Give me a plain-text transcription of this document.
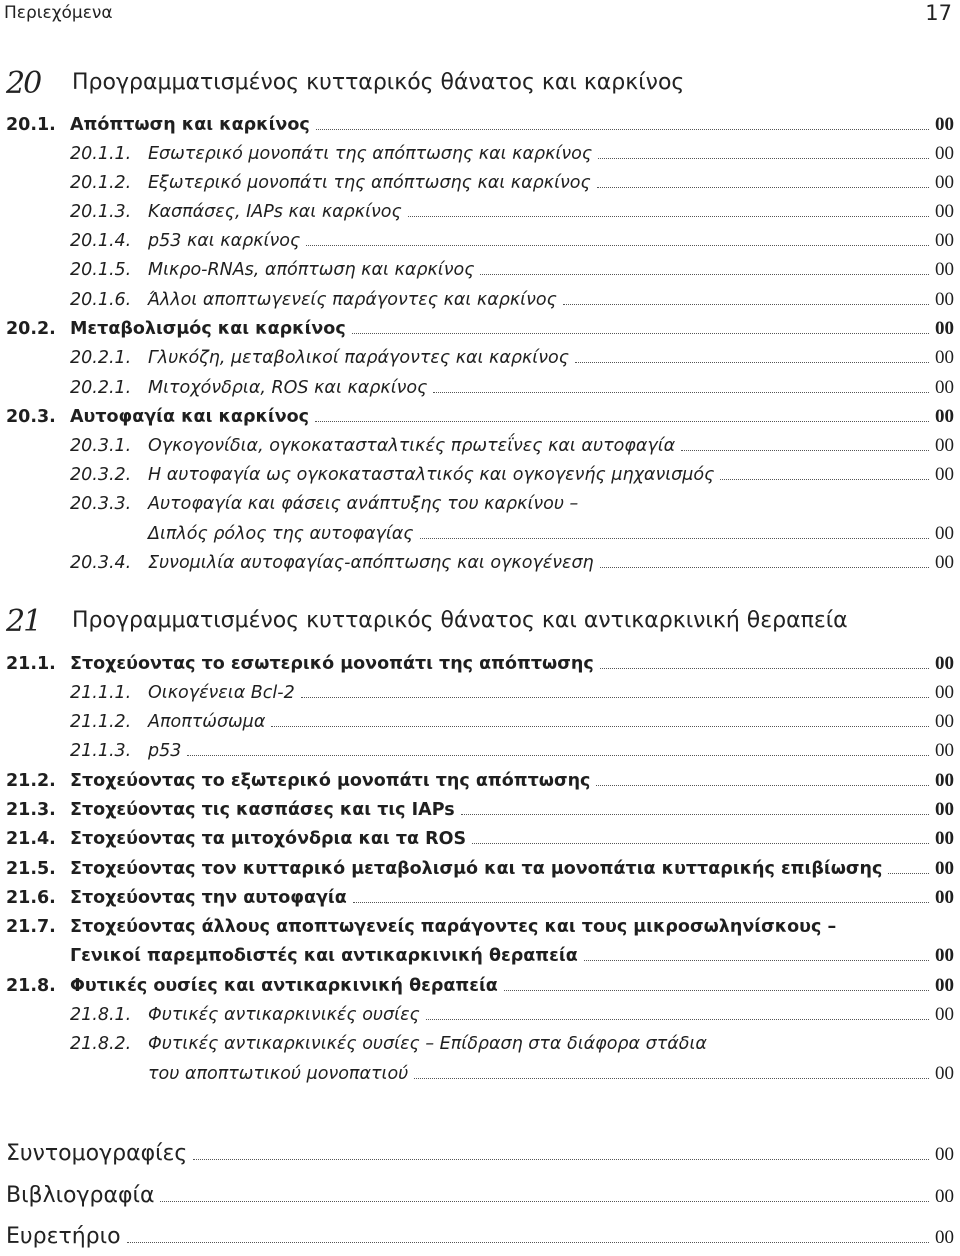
Περιεχόμενα	17
20 Προγραμματισμένος κυτταρικός θάνατος και καρκίνος
21 Προγραμματισμένος κυτταρικός θάνατος και αντικαρκινική θεραπεία
20.1. Απόπτωση και καρκίνος	00
20.1.1. Εσωτερικό μονοπάτι της απόπτωσης και καρκίνος	00
20.1.2. Εξωτερικό μονοπάτι της απόπτωσης και καρκίνος	00
20.1.3. Κασπάσες, IAPs και καρκίνος	00
20.1.4. p53 και καρκίνος	00
20.1.5. Μικρο-RNAs, απόπτωση και καρκίνος	00
20.1.6. Άλλοι αποπτωγενείς παράγοντες και καρκίνος	00
20.2. Μεταβολισμός και καρκίνος	00
20.2.1. Γλυκόζη, μεταβολικοί παράγοντες και καρκίνος	00
20.2.1. Μιτοχόνδρια, ROS και καρκίνος	00
20.3. Αυτοφαγία και καρκίνος	00
20.3.1. Ογκογονίδια, ογκοκατασταλτικές πρωτεΐνες και αυτοφαγία	00
20.3.2. Η αυτοφαγία ως ογκοκατασταλτικός και ογκογενής μηχανισμός	00
20.3.3. Αυτοφαγία και φάσεις ανάπτυξης του καρκίνου –
Διπλός ρόλος της αυτοφαγίας	00
20.3.4. Συνομιλία αυτοφαγίας-απόπτωσης και ογκογένεση	00
21.1. Στοχεύοντας το εσωτερικό μονοπάτι της απόπτωσης	00
21.1.1. Οικογένεια Bcl-2	00
21.1.2. Αποπτώσωμα	00
21.1.3. p53	00
21.2. Στοχεύοντας το εξωτερικό μονοπάτι της απόπτωσης	00
21.3. Στοχεύοντας τις κασπάσες και τις IAPs	00
21.4. Στοχεύοντας τα μιτοχόνδρια και τα ROS	00
21.5. Στοχεύοντας τον κυτταρικό μεταβολισμό και τα μονοπάτια κυτταρικής επιβίωσης	00
21.6. Στοχεύοντας την αυτοφαγία	00
21.7. Στοχεύοντας άλλους αποπτωγενείς παράγοντες και τους μικροσωληνίσκους –
Γενικοί παρεμποδιστές και αντικαρκινική θεραπεία	00
21.8. Φυτικές ουσίες και αντικαρκινική θεραπεία	00
21.8.1. Φυτικές αντικαρκινικές ουσίες	00
21.8.2. Φυτικές αντικαρκινικές ουσίες – Επίδραση στα διάφορα στάδια
του αποπτωτικού μονοπατιού	00
Συντομογραφίες	00
Βιβλιογραφία	00
Ευρετήριο	00
